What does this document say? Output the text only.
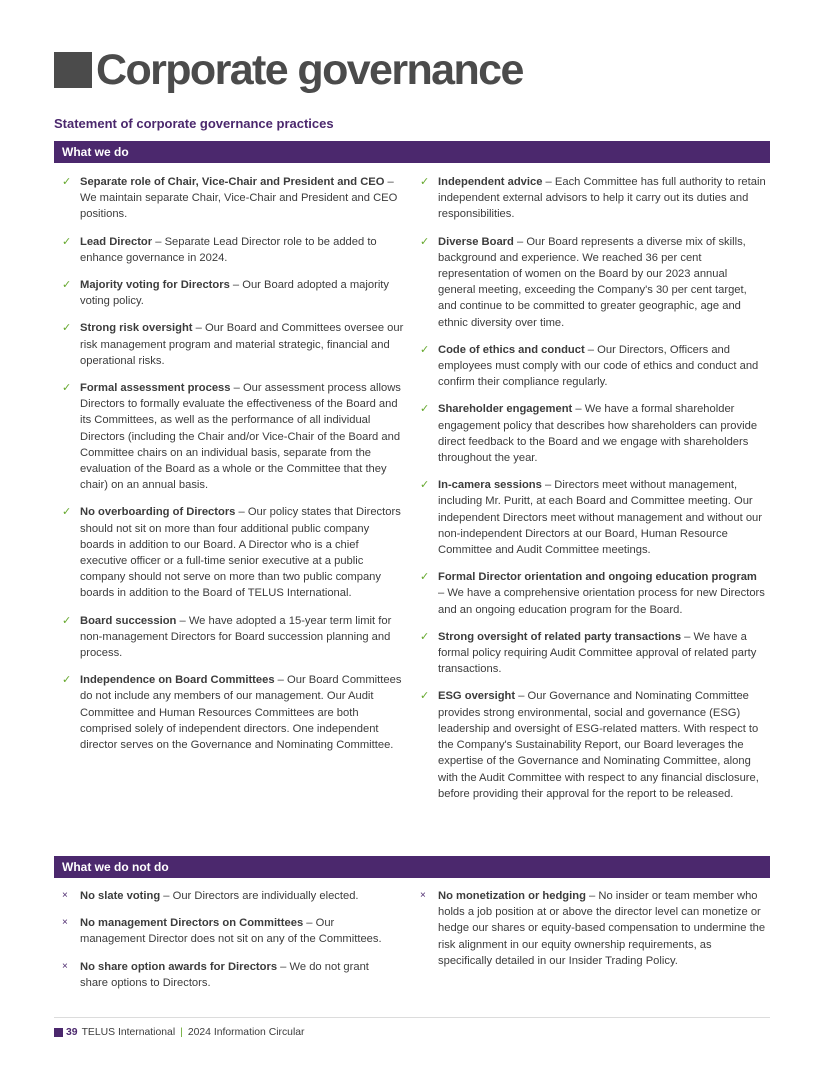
Corporate governance
Statement of corporate governance practices
What we do
✓ Separate role of Chair, Vice-Chair and President and CEO – We maintain separate Chair, Vice-Chair and President and CEO positions.
✓ Lead Director – Separate Lead Director role to be added to enhance governance in 2024.
✓ Majority voting for Directors – Our Board adopted a majority voting policy.
✓ Strong risk oversight – Our Board and Committees oversee our risk management program and material strategic, financial and operational risks.
✓ Formal assessment process – Our assessment process allows Directors to formally evaluate the effectiveness of the Board and its Committees, as well as the performance of all individual Directors (including the Chair and/or Vice-Chair of the Board and Committee chairs on an individual basis, separate from the evaluation of the Board as a whole or the Committee that they chair) on an annual basis.
✓ No overboarding of Directors – Our policy states that Directors should not sit on more than four additional public company boards in addition to our Board. A Director who is a chief executive officer or a full-time senior executive at a public company should not serve on more than two public company boards in addition to the Board of TELUS International.
✓ Board succession – We have adopted a 15-year term limit for non-management Directors for Board succession planning and process.
✓ Independence on Board Committees – Our Board Committees do not include any members of our management. Our Audit Committee and Human Resources Committees are both comprised solely of independent directors. One independent director serves on the Governance and Nominating Committee.
✓ Independent advice – Each Committee has full authority to retain independent external advisors to help it carry out its duties and responsibilities.
✓ Diverse Board – Our Board represents a diverse mix of skills, background and experience. We reached 36 per cent representation of women on the Board by our 2023 annual general meeting, exceeding the Company's 30 per cent target, and continue to be committed to greater geographic, age and ethnic diversity over time.
✓ Code of ethics and conduct – Our Directors, Officers and employees must comply with our code of ethics and conduct and confirm their compliance regularly.
✓ Shareholder engagement – We have a formal shareholder engagement policy that describes how shareholders can provide direct feedback to the Board and we engage with shareholders throughout the year.
✓ In-camera sessions – Directors meet without management, including Mr. Puritt, at each Board and Committee meeting. Our independent Directors meet without management and without our non-independent Directors at our Board, Human Resource Committee and Audit Committee meetings.
✓ Formal Director orientation and ongoing education program – We have a comprehensive orientation process for new Directors and an ongoing education program for the Board.
✓ Strong oversight of related party transactions – We have a formal policy requiring Audit Committee approval of related party transactions.
✓ ESG oversight – Our Governance and Nominating Committee provides strong environmental, social and governance (ESG) leadership and oversight of ESG-related matters. With respect to the Company's Sustainability Report, our Board leverages the expertise of the Governance and Nominating Committee, along with the Audit Committee with respect to any financial disclosure, before providing their approval for the report to be released.
What we do not do
×	No slate voting – Our Directors are individually elected.
×	No management Directors on Committees – Our management Director does not sit on any of the Committees.
×	No share option awards for Directors – We do not grant share options to Directors.
×	No monetization or hedging – No insider or team member who holds a job position at or above the director level can monetize or hedge our shares or equity-based compensation to undermine the risk alignment in our equity ownership requirements, as specifically detailed in our Insider Trading Policy.
39 TELUS International | 2024 Information Circular
